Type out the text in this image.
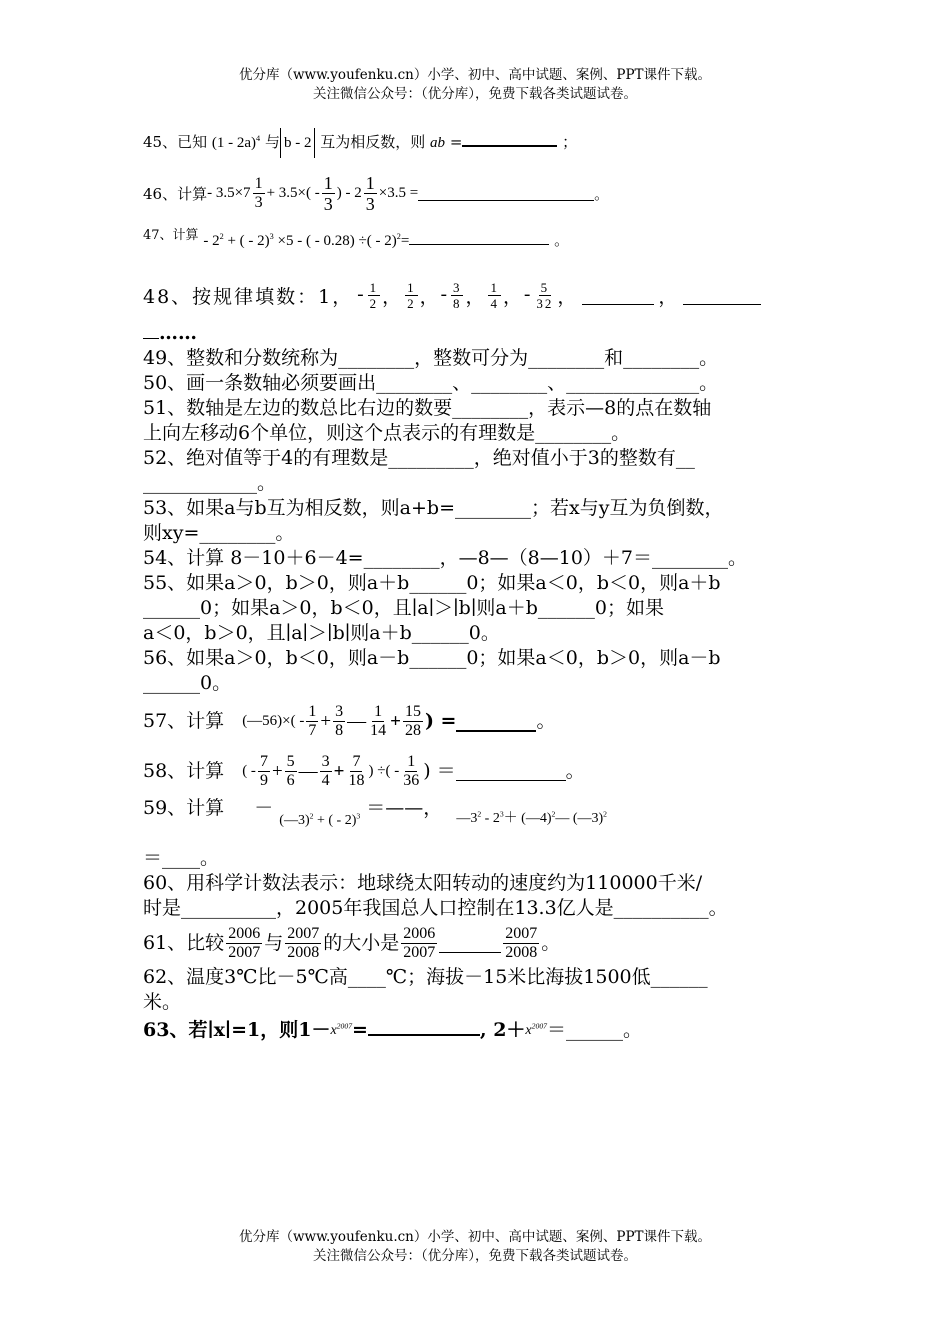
优分库（www.youfenku.cn）小学、初中、高中试题、案例、PPT课件下载。
关注微信公众号：（优分库），免费下载各类试题试卷。
45、已知 (1 - 2a)$^4$ 与 b - 2 互为相反数，则 ab =	；
46、计算 - $3.5\times 7 \frac{1}{3} + 3.5\times( - \frac{1}{3}$ ) - $2 \frac{1}{3} \times 3.5$ =	。
47、计算 - $2^2$ + ( - 2)$^3$ ×5 - ( - 0.28) ÷( - 2)$^2$=	。
48、按规律填数：1， - $\frac{1}{2}$ ， $\frac{1}{2}$ ， - $\frac{3}{8}$ ， $\frac{1}{4}$ ， - $\frac{5}{32}$ ，	，
……
49、整数和分数统称为________，整数可分为________和________。
50、画一条数轴必须要画出________、________、______________。
51、数轴是左边的数总比右边的数要________，表示—8的点在数轴
上向左移动6个单位，则这个点表示的有理数是________。
52、绝对值等于4的有理数是_________，绝对值小于3的整数有__
____________。
53、如果a与b互为相反数，则a+b=________；若x与y互为负倒数，
则xy=________。
54、计算 8－10＋6－4=________，—8—（8—10）＋7＝________。
55、如果a＞0，b＞0，则a＋b______0；如果a＜0，b＜0，则a＋b
______0；如果a＞0，b＜0，且∣a∣＞∣b∣则a＋b______0；如果
a＜0，b＞0，且∣a∣＞∣b∣则a＋b______0。
56、如果a＞0，b＜0，则a－b______0；如果a＜0，b＞0，则a－b
______0。
57、计算 (—56)×( - $\frac{1}{7} + \frac{3}{8}$ — $\frac{1}{14} + \frac{15}{28}$ ) =	。
58、计算 ( - $\frac{7}{9} + \frac{5}{6}$ — $\frac{3}{4} + \frac{7}{18}$ ) ÷( - $\frac{1}{36}$ ) ＝	。
59、计算 － (—3)$^2$ + ( - 2)$^3$ ＝——， $—3^2 - 2^3+$ (—4)$^2$— (—3)$^2$
＝____。
60、用科学计数法表示：地球绕太阳转动的速度约为110000千米/
时是__________，2005年我国总人口控制在13.3亿人是__________。
61、比较 $\frac{2006}{2007}$ 与 $\frac{2007}{2008}$ 的大小是 $\frac{2006}{2007}$	$\frac{2007}{2008}$ 。
62、温度3℃比－5℃高____℃；海拔－15米比海拔1500低______
米。
63、若∣x∣=1，则$1-x^{2007}=$	, $2+x^{2007}=\_\_\_\_\_\_$。
优分库（www.youfenku.cn）小学、初中、高中试题、案例、PPT课件下载。
关注微信公众号：（优分库），免费下载各类试题试卷。
